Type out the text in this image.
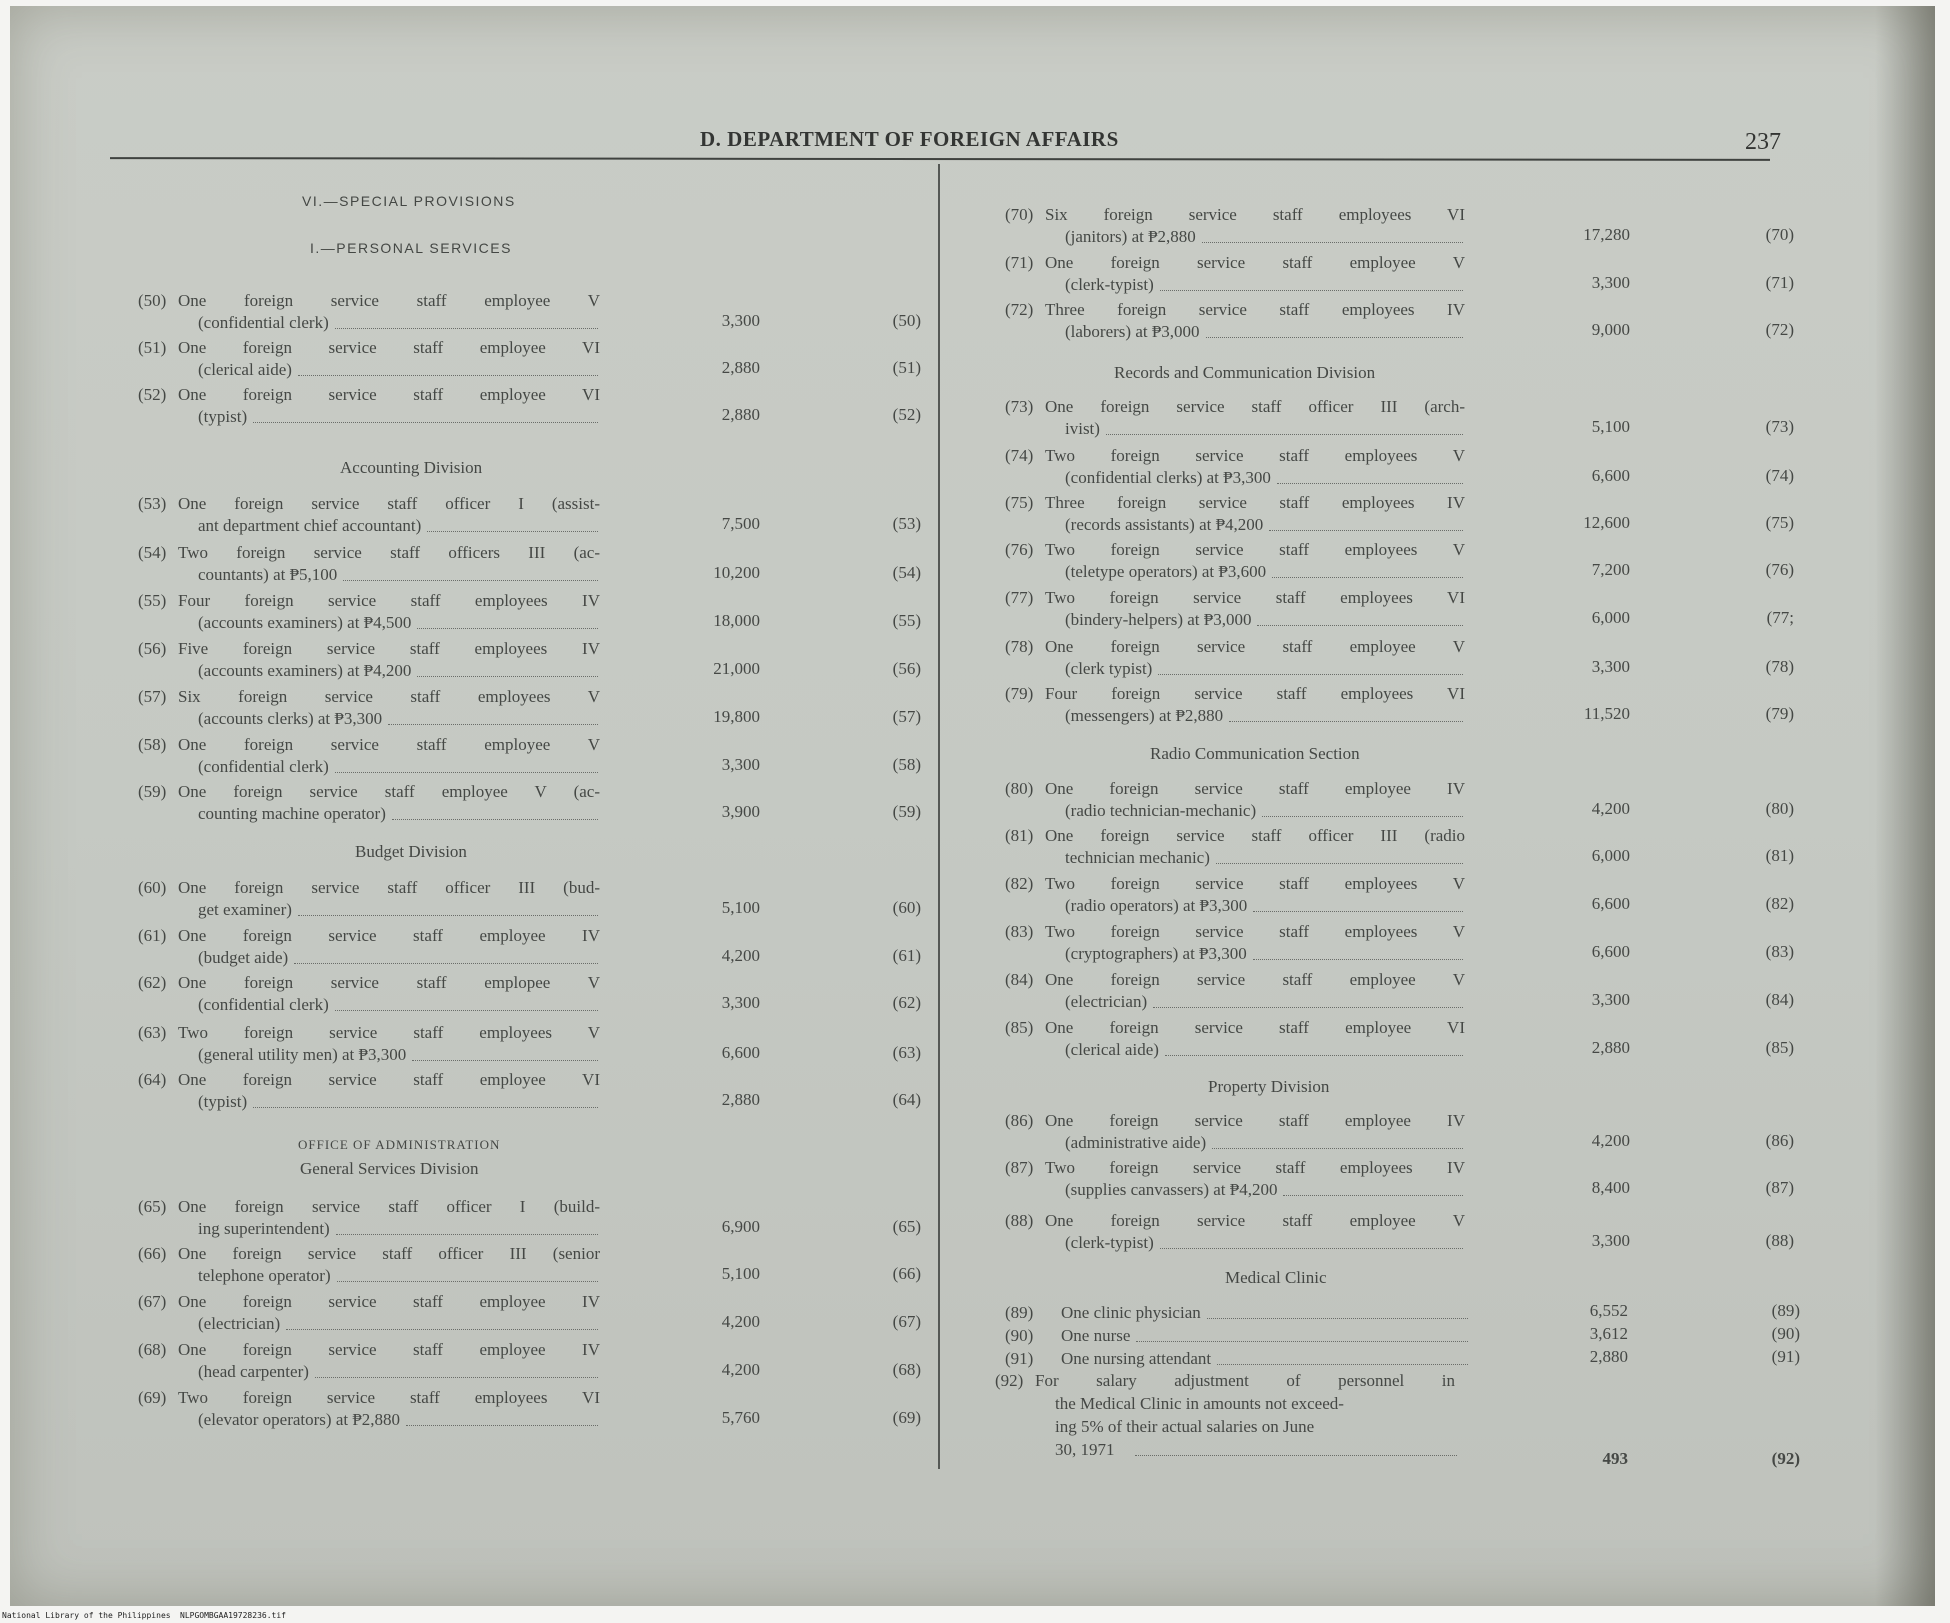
D. DEPARTMENT OF FOREIGN AFFAIRS	237
VI.—SPECIAL PROVISIONS
I.—PERSONAL SERVICES
Accounting Division
Budget Division
OFFICE OF ADMINISTRATION
General Services Division
Records and Communication Division
Radio Communication Section
Property Division
Medical Clinic
(50) One foreign service staff employee V
(confidential clerk)	3,300	(50)
(51) One foreign service staff employee VI
(clerical aide)	2,880	(51)
(52) One foreign service staff employee VI
(typist)	2,880	(52)
(53) One foreign service staff officer I (assist-
ant department chief accountant)	7,500	(53)
(54) Two foreign service staff officers III (ac-
countants) at ₱5,100	10,200	(54)
(55) Four foreign service staff employees IV
(accounts examiners) at ₱4,500	18,000	(55)
(56) Five foreign service staff employees IV
(accounts examiners) at ₱4,200	21,000	(56)
(57) Six foreign service staff employees V
(accounts clerks) at ₱3,300	19,800	(57)
(58) One foreign service staff employee V
(confidential clerk)	3,300	(58)
(59) One foreign service staff employee V (ac-
counting machine operator)	3,900	(59)
(60) One foreign service staff officer III (bud-
get examiner)	5,100	(60)
(61) One foreign service staff employee IV
(budget aide)	4,200	(61)
(62) One foreign service staff emplopee V
(confidential clerk)	3,300	(62)
(63) Two foreign service staff employees V
(general utility men) at ₱3,300	6,600	(63)
(64) One foreign service staff employee VI
(typist)	2,880	(64)
(65) One foreign service staff officer I (build-
ing superintendent)	6,900	(65)
(66) One foreign service staff officer III (senior
telephone operator)	5,100	(66)
(67) One foreign service staff employee IV
(electrician)	4,200	(67)
(68) One foreign service staff employee IV
(head carpenter)	4,200	(68)
(69) Two foreign service staff employees VI
(elevator operators) at ₱2,880	5,760	(69)
(70) Six foreign service staff employees VI
(janitors) at ₱2,880	17,280	(70)
(71) One foreign service staff employee V
(clerk-typist)	3,300	(71)
(72) Three foreign service staff employees IV
(laborers) at ₱3,000	9,000	(72)
(73) One foreign service staff officer III (arch-
ivist)	5,100	(73)
(74) Two foreign service staff employees V
(confidential clerks) at ₱3,300	6,600	(74)
(75) Three foreign service staff employees IV
(records assistants) at ₱4,200	12,600	(75)
(76) Two foreign service staff employees V
(teletype operators) at ₱3,600	7,200	(76)
(77) Two foreign service staff employees VI
(bindery-helpers) at ₱3,000	6,000	(77;
(78) One foreign service staff employee V
(clerk typist)	3,300	(78)
(79) Four foreign service staff employees VI
(messengers) at ₱2,880	11,520	(79)
(80) One foreign service staff employee IV
(radio technician-mechanic)	4,200	(80)
(81) One foreign service staff officer III (radio
technician mechanic)	6,000	(81)
(82) Two foreign service staff employees V
(radio operators) at ₱3,300	6,600	(82)
(83) Two foreign service staff employees V
(cryptographers) at ₱3,300	6,600	(83)
(84) One foreign service staff employee V
(electrician)	3,300	(84)
(85) One foreign service staff employee VI
(clerical aide)	2,880	(85)
(86) One foreign service staff employee IV
(administrative aide)	4,200	(86)
(87) Two foreign service staff employees IV
(supplies canvassers) at ₱4,200	8,400	(87)
(88) One foreign service staff employee V
(clerk-typist)	3,300	(88)
(89) One clinic physician	6,552	(89)
(90) One nurse	3,612	(90)
(91) One nursing attendant	2,880	(91)
(92) For salary adjustment of personnel in
the Medical Clinic in amounts not exceed-
ing 5% of their actual salaries on June
30, 1971	493	(92)
National Library of the Philippines NLPGOMBGAA19728236.tif
